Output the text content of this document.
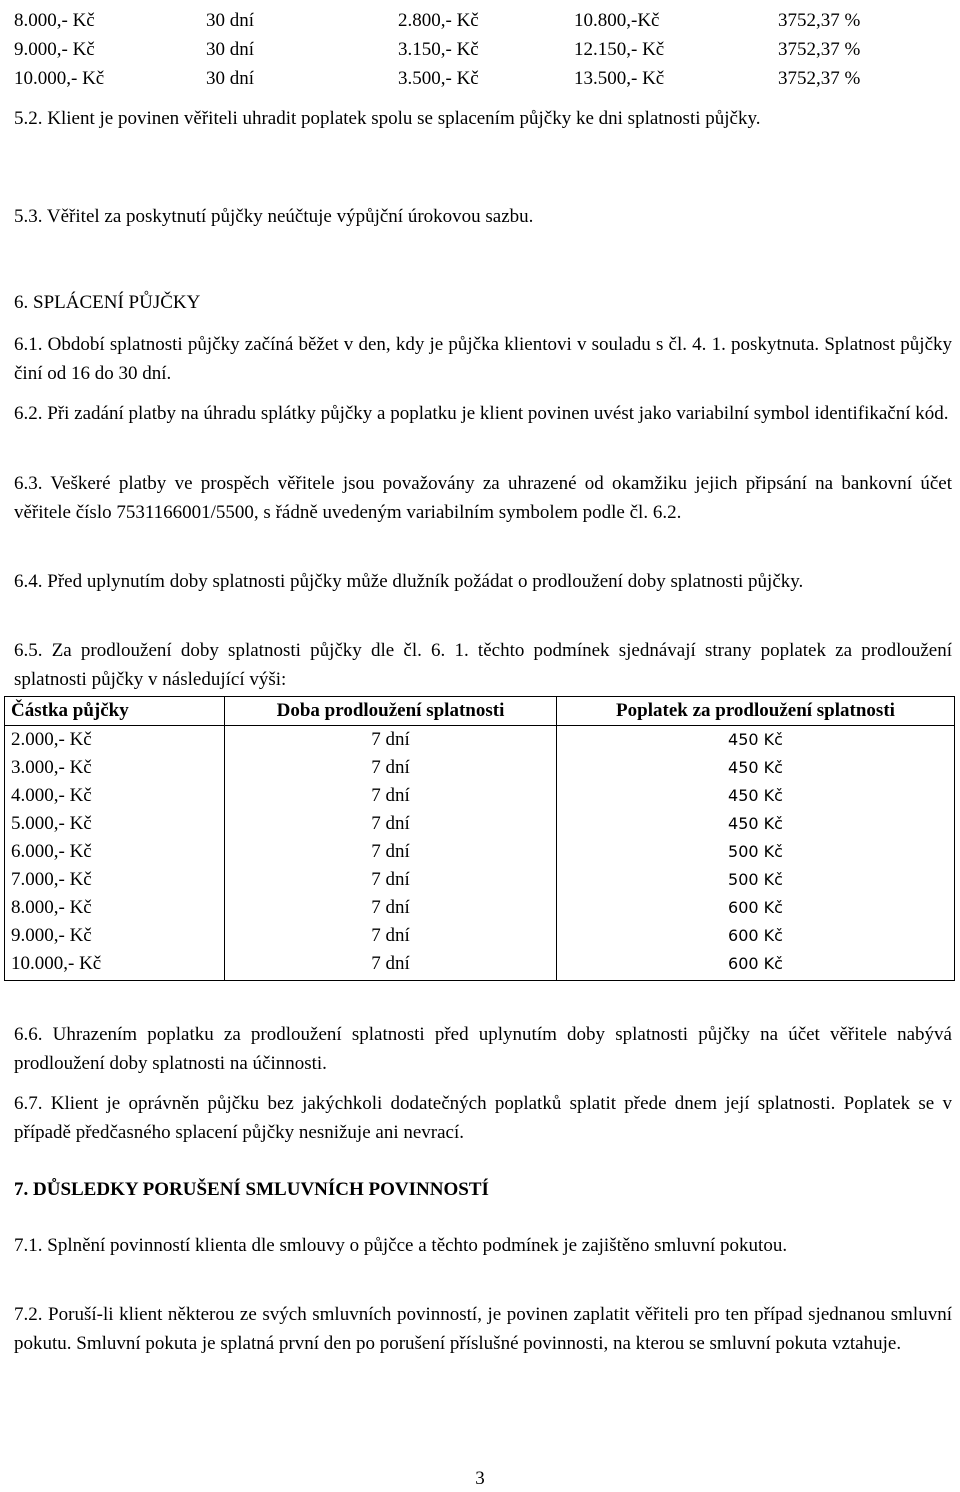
8.000,- Kč	30 dní	2.800,- Kč	10.800,-Kč	3752,37 %
9.000,- Kč	30 dní	3.150,- Kč	12.150,- Kč	3752,37 %
10.000,- Kč	30 dní	3.500,- Kč	13.500,- Kč	3752,37 %

5.2. Klient je povinen věřiteli uhradit poplatek spolu se splacením půjčky ke dni splatnosti půjčky.

5.3. Věřitel za poskytnutí půjčky neúčtuje výpůjční úrokovou sazbu.

6. SPLÁCENÍ PŮJČKY

6.1. Období splatnosti půjčky začíná běžet v den, kdy je půjčka klientovi v souladu s čl. 4. 1. poskytnuta. Splatnost půjčky činí od 16 do 30 dní.

6.2. Při zadání platby na úhradu splátky půjčky a poplatku je klient povinen uvést jako variabilní symbol identifikační kód.

6.3. Veškeré platby ve prospěch věřitele jsou považovány za uhrazené od okamžiku jejich připsání na bankovní účet věřitele číslo 7531166001/5500, s řádně uvedeným variabilním symbolem podle čl. 6.2.

6.4. Před uplynutím doby splatnosti půjčky může dlužník požádat o prodloužení doby splatnosti půjčky.

6.5. Za prodloužení doby splatnosti půjčky dle čl. 6. 1. těchto podmínek sjednávají strany poplatek za prodloužení splatnosti půjčky v následující výši:

Částka půjčky	Doba prodloužení splatnosti	Poplatek za prodloužení splatnosti
2.000,- Kč	7 dní	450 Kč
3.000,- Kč	7 dní	450 Kč
4.000,- Kč	7 dní	450 Kč
5.000,- Kč	7 dní	450 Kč
6.000,- Kč	7 dní	500 Kč
7.000,- Kč	7 dní	500 Kč
8.000,- Kč	7 dní	600 Kč
9.000,- Kč	7 dní	600 Kč
10.000,- Kč	7 dní	600 Kč

6.6. Uhrazením poplatku za prodloužení splatnosti před uplynutím doby splatnosti půjčky na účet věřitele nabývá prodloužení doby splatnosti na účinnosti.

6.7. Klient je oprávněn půjčku bez jakýchkoli dodatečných poplatků splatit přede dnem její splatnosti. Poplatek se v případě předčasného splacení půjčky nesnižuje ani nevrací.

7. DŮSLEDKY PORUŠENÍ SMLUVNÍCH POVINNOSTÍ

7.1. Splnění povinností klienta dle smlouvy o půjčce a těchto podmínek je zajištěno smluvní pokutou.

7.2. Poruší-li klient některou ze svých smluvních povinností, je povinen zaplatit věřiteli pro ten případ sjednanou smluvní pokutu. Smluvní pokuta je splatná první den po porušení příslušné povinnosti, na kterou se smluvní pokuta vztahuje.

3
